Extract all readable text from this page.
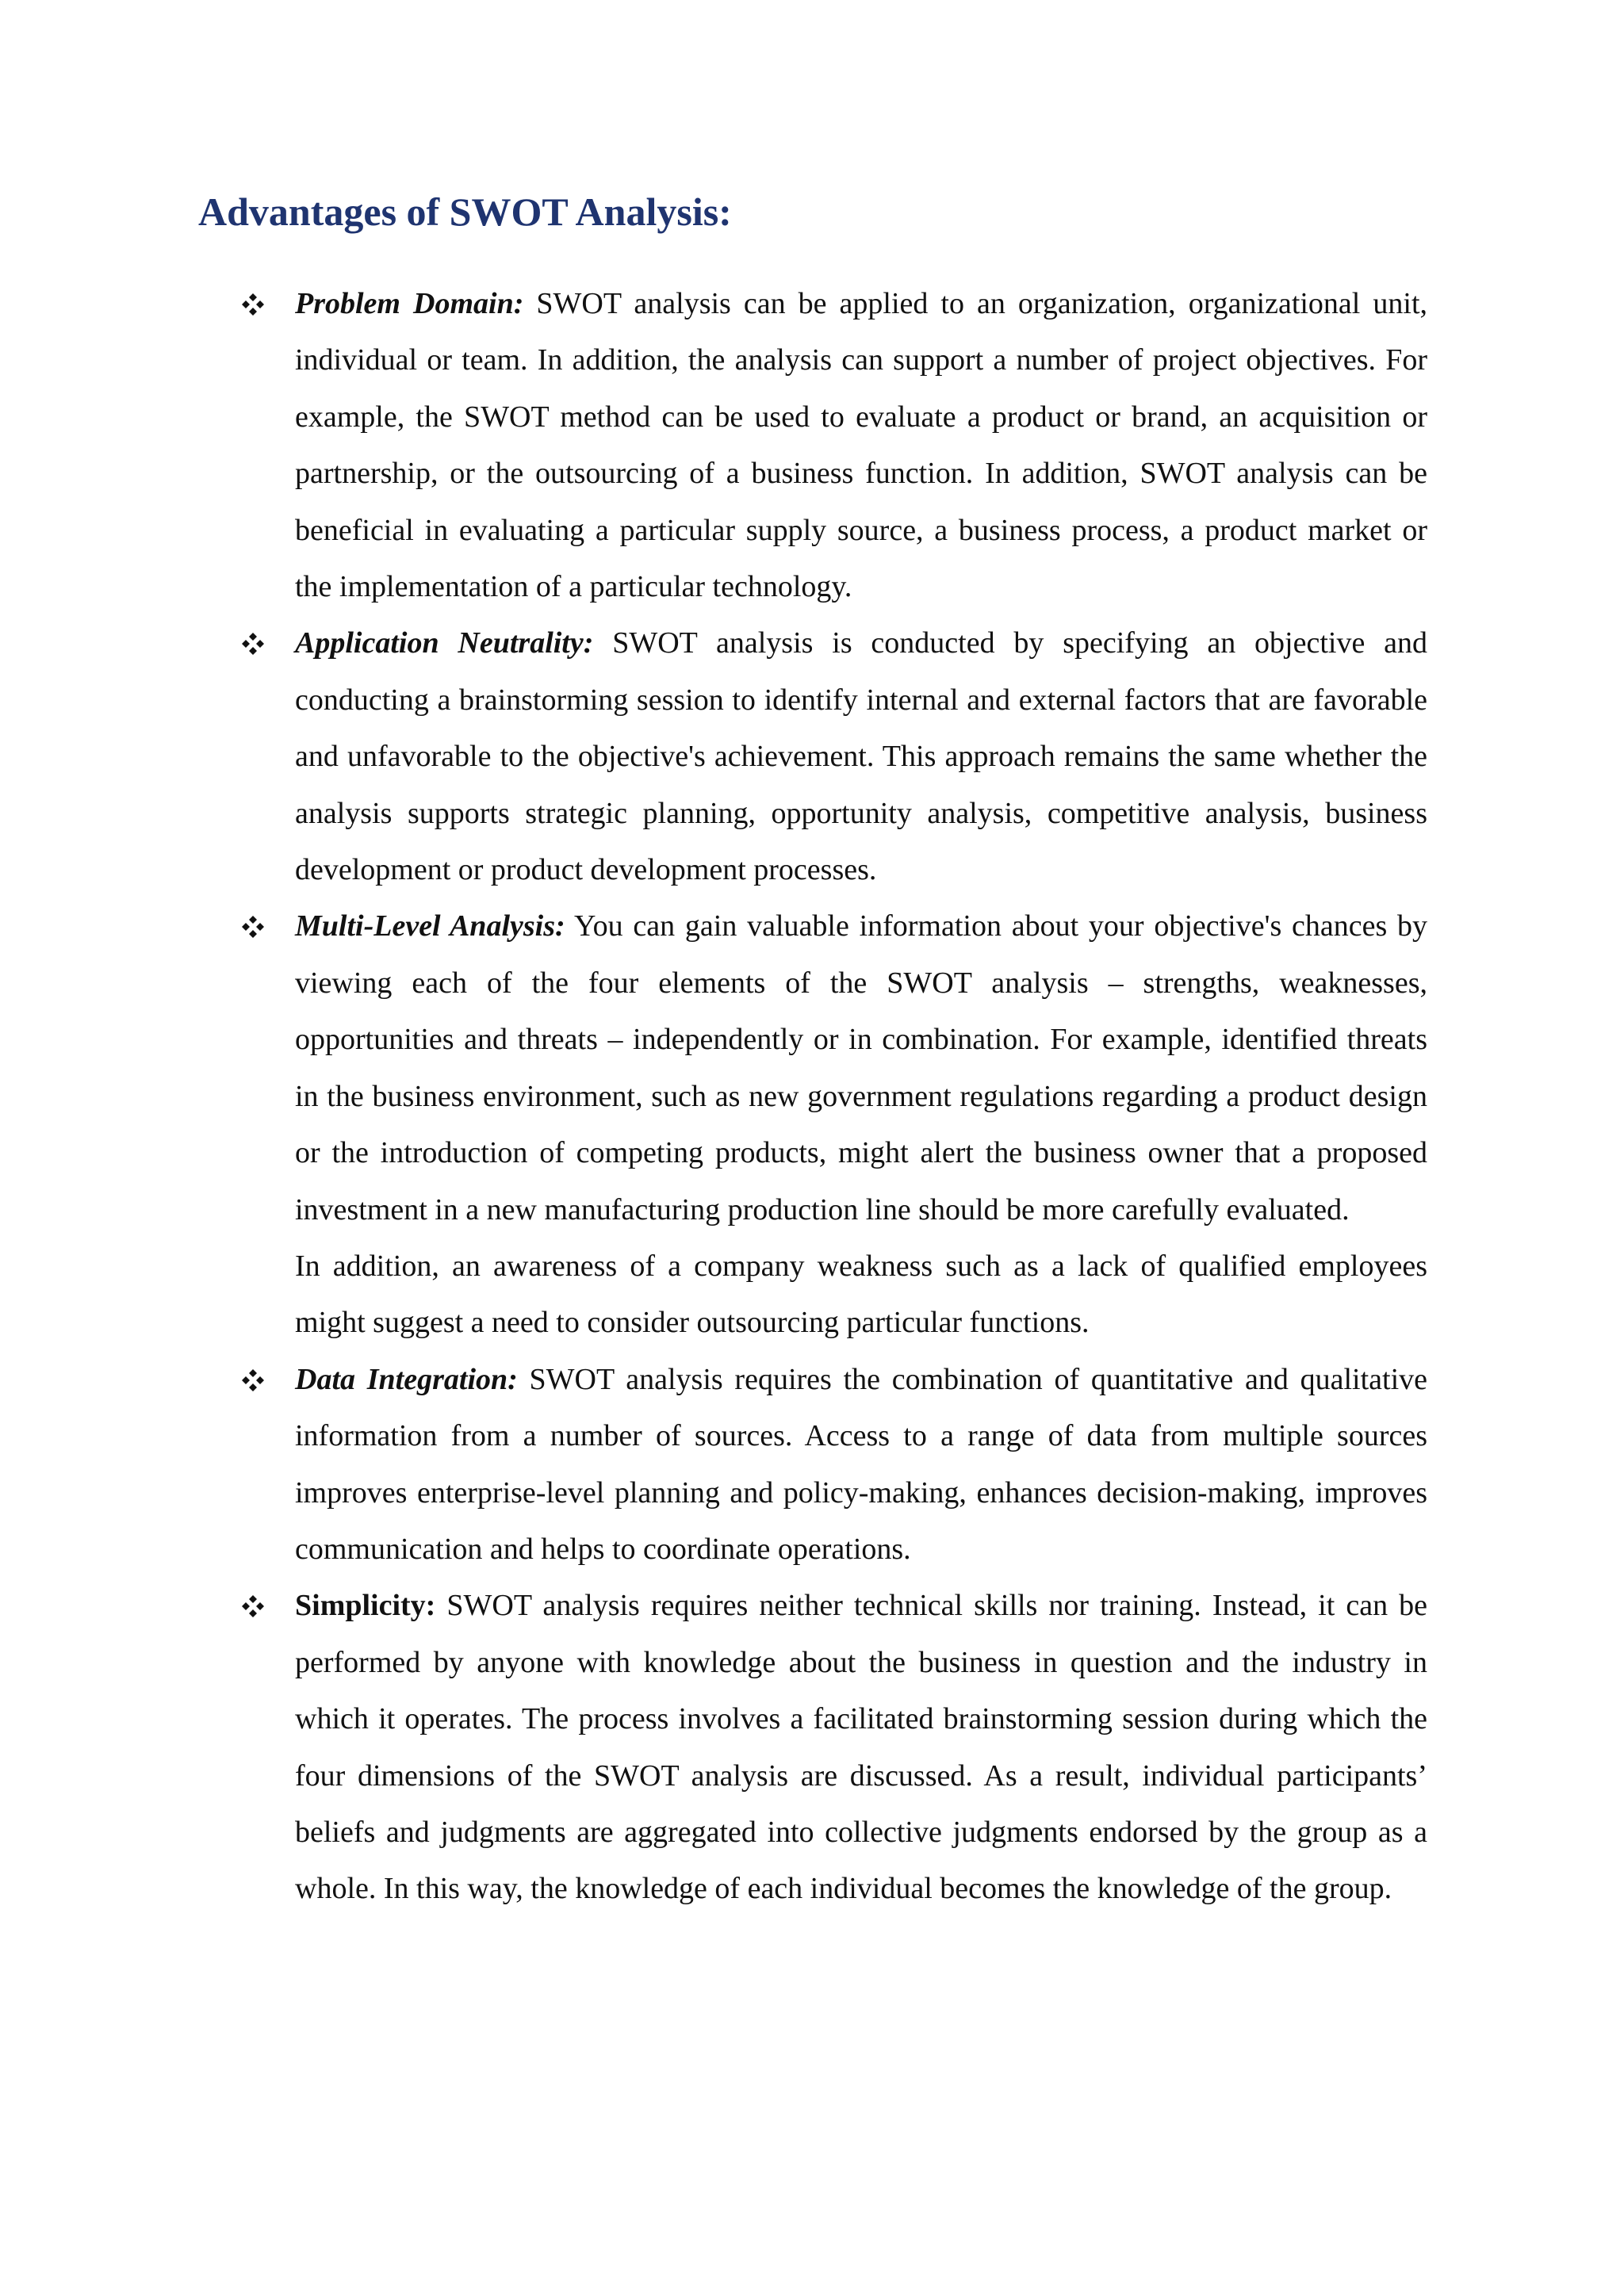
Advantages of SWOT Analysis:

Problem Domain: SWOT analysis can be applied to an organization, organizational unit, individual or team. In addition, the analysis can support a number of project objectives. For example, the SWOT method can be used to evaluate a product or brand, an acquisition or partnership, or the outsourcing of a business function. In addition, SWOT analysis can be beneficial in evaluating a particular supply source, a business process, a product market or the implementation of a particular technology.

Application Neutrality: SWOT analysis is conducted by specifying an objective and conducting a brainstorming session to identify internal and external factors that are favorable and unfavorable to the objective's achievement. This approach remains the same whether the analysis supports strategic planning, opportunity analysis, competitive analysis, business development or product development processes.

Multi-Level Analysis: You can gain valuable information about your objective's chances by viewing each of the four elements of the SWOT analysis – strengths, weaknesses, opportunities and threats – independently or in combination. For example, identified threats in the business environment, such as new government regulations regarding a product design or the introduction of competing products, might alert the business owner that a proposed investment in a new manufacturing production line should be more carefully evaluated.

In addition, an awareness of a company weakness such as a lack of qualified employees might suggest a need to consider outsourcing particular functions.

Data Integration: SWOT analysis requires the combination of quantitative and qualitative information from a number of sources. Access to a range of data from multiple sources improves enterprise-level planning and policy-making, enhances decision-making, improves communication and helps to coordinate operations.

Simplicity: SWOT analysis requires neither technical skills nor training. Instead, it can be performed by anyone with knowledge about the business in question and the industry in which it operates. The process involves a facilitated brainstorming session during which the four dimensions of the SWOT analysis are discussed. As a result, individual participants’ beliefs and judgments are aggregated into collective judgments endorsed by the group as a whole. In this way, the knowledge of each individual becomes the knowledge of the group.
